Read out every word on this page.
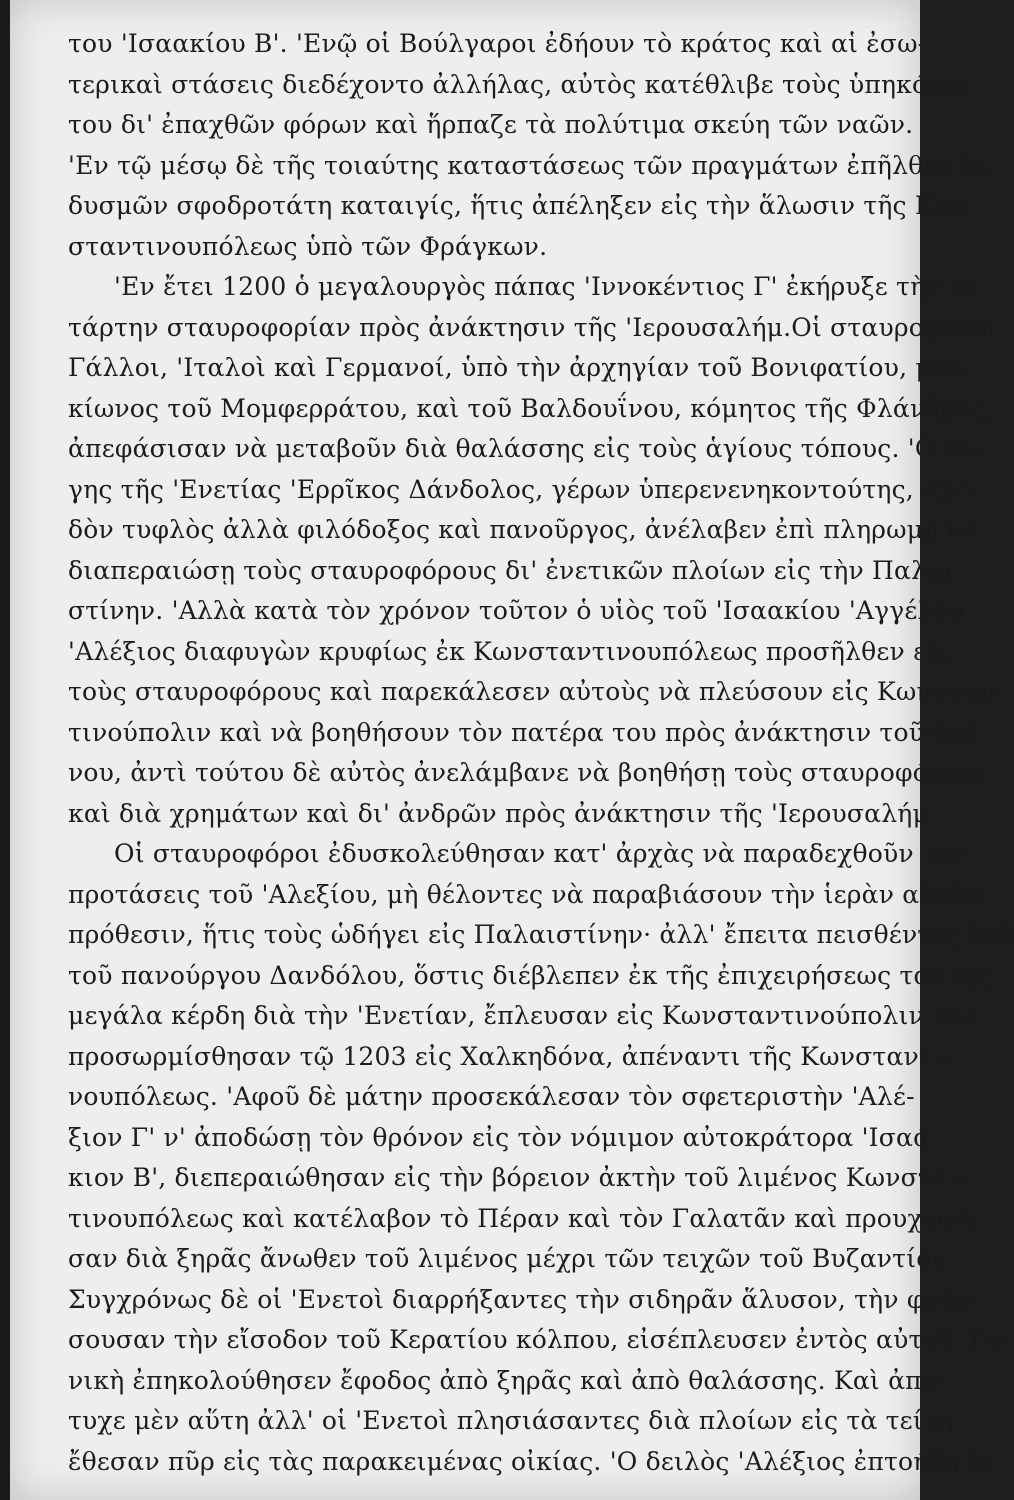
του 'Ισαακίου Β'. 'Ενῷ οἱ Βούλγαροι ἐδήουν τὸ κράτος καὶ αἱ ἐσω-
τερικαὶ στάσεις διεδέχοντο ἀλλήλας, αὐτὸς κατέθλιβε τοὺς ὑπηκόους
του δι' ἐπαχθῶν φόρων καὶ ἥρπαζε τὰ πολύτιμα σκεύη τῶν ναῶν.
'Εν τῷ μέσῳ δὲ τῆς τοιαύτης καταστάσεως τῶν πραγμάτων ἐπῆλθεν ἐκ
δυσμῶν σφοδροτάτη καταιγίς, ἥτις ἀπέληξεν εἰς τὴν ἅλωσιν τῆς Κων-
σταντινουπόλεως ὑπὸ τῶν Φράγκων.
'Εν ἔτει 1200 ὁ μεγαλουργὸς πάπας 'Ιννοκέντιος Γ' ἐκήρυξε τὴν τε-
τάρτην σταυροφορίαν πρὸς ἀνάκτησιν τῆς 'Ιερουσαλήμ.Οἱ σταυροφόροι,
Γάλλοι, 'Ιταλοὶ καὶ Γερμανοί, ὑπὸ τὴν ἀρχηγίαν τοῦ Βονιφατίου, μαρ-
κίωνος τοῦ Μομφερράτου, καὶ τοῦ Βαλδουΐνου, κόμητος τῆς Φλάνδρας,
ἀπεφάσισαν νὰ μεταβοῦν διὰ θαλάσσης εἰς τοὺς ἁγίους τόπους. 'Ο δό-
γης τῆς 'Ενετίας 'Ερρῖκος Δάνδολος, γέρων ὑπερενενηκοντούτης, σχε-
δὸν τυφλὸς ἀλλὰ φιλόδοξος καὶ πανοῦργος, ἀνέλαβεν ἐπὶ πληρωμῇ νὰ
διαπεραιώσῃ τοὺς σταυροφόρους δι' ἐνετικῶν πλοίων εἰς τὴν Παλαι-
στίνην. 'Αλλὰ κατὰ τὸν χρόνον τοῦτον ὁ υἱὸς τοῦ 'Ισαακίου 'Αγγέλου
'Αλέξιος διαφυγὼν κρυφίως ἐκ Κωνσταντινουπόλεως προσῆλθεν εἰς
τοὺς σταυροφόρους καὶ παρεκάλεσεν αὐτοὺς νὰ πλεύσουν εἰς Κωνσταν-
τινούπολιν καὶ νὰ βοηθήσουν τὸν πατέρα του πρὸς ἀνάκτησιν τοῦ θρό-
νου, ἀντὶ τούτου δὲ αὐτὸς ἀνελάμβανε νὰ βοηθήσῃ τοὺς σταυροφόρους
καὶ διὰ χρημάτων καὶ δι' ἀνδρῶν πρὸς ἀνάκτησιν τῆς 'Ιερουσαλήμ.
Οἱ σταυροφόροι ἐδυσκολεύθησαν κατ' ἀρχὰς νὰ παραδεχθοῦν τὰς
προτάσεις τοῦ 'Αλεξίου, μὴ θέλοντες νὰ παραβιάσουν τὴν ἱερὰν αὐτῶν
πρόθεσιν, ἥτις τοὺς ὡδήγει εἰς Παλαιστίνην· ἀλλ' ἔπειτα πεισθέντες ὑπὸ
τοῦ πανούργου Δανδόλου, ὅστις διέβλεπεν ἐκ τῆς ἐπιχειρήσεως ταύτης
μεγάλα κέρδη διὰ τὴν 'Ενετίαν, ἔπλευσαν εἰς Κωνσταντινούπολιν καὶ
προσωρμίσθησαν τῷ 1203 εἰς Χαλκηδόνα, ἀπέναντι τῆς Κωνσταντι-
νουπόλεως. 'Αφοῦ δὲ μάτην προσεκάλεσαν τὸν σφετεριστὴν 'Αλέ-
ξιον Γ' ν' ἀποδώσῃ τὸν θρόνον εἰς τὸν νόμιμον αὐτοκράτορα 'Ισαά-
κιον Β', διεπεραιώθησαν εἰς τὴν βόρειον ἀκτὴν τοῦ λιμένος Κωνσταν-
τινουπόλεως καὶ κατέλαβον τὸ Πέραν καὶ τὸν Γαλατᾶν καὶ προυχώρη-
σαν διὰ ξηρᾶς ἄνωθεν τοῦ λιμένος μέχρι τῶν τειχῶν τοῦ Βυζαντίου.
Συγχρόνως δὲ οἱ 'Ενετοὶ διαρρήξαντες τὴν σιδηρᾶν ἅλυσον, τὴν φράσ-
σουσαν τὴν εἴσοδον τοῦ Κερατίου κόλπου, εἰσέπλευσεν ἐντὸς αὐτοῦ. Γε-
νικὴ ἐπηκολούθησεν ἔφοδος ἀπὸ ξηρᾶς καὶ ἀπὸ θαλάσσης. Καὶ ἀπέ-
τυχε μὲν αὕτη ἀλλ' οἱ 'Ενετοὶ πλησιάσαντες διὰ πλοίων εἰς τὰ τείχη
ἔθεσαν πῦρ εἰς τὰς παρακειμένας οἰκίας. 'Ο δειλὸς 'Αλέξιος ἐπτοήθη ἐκ
